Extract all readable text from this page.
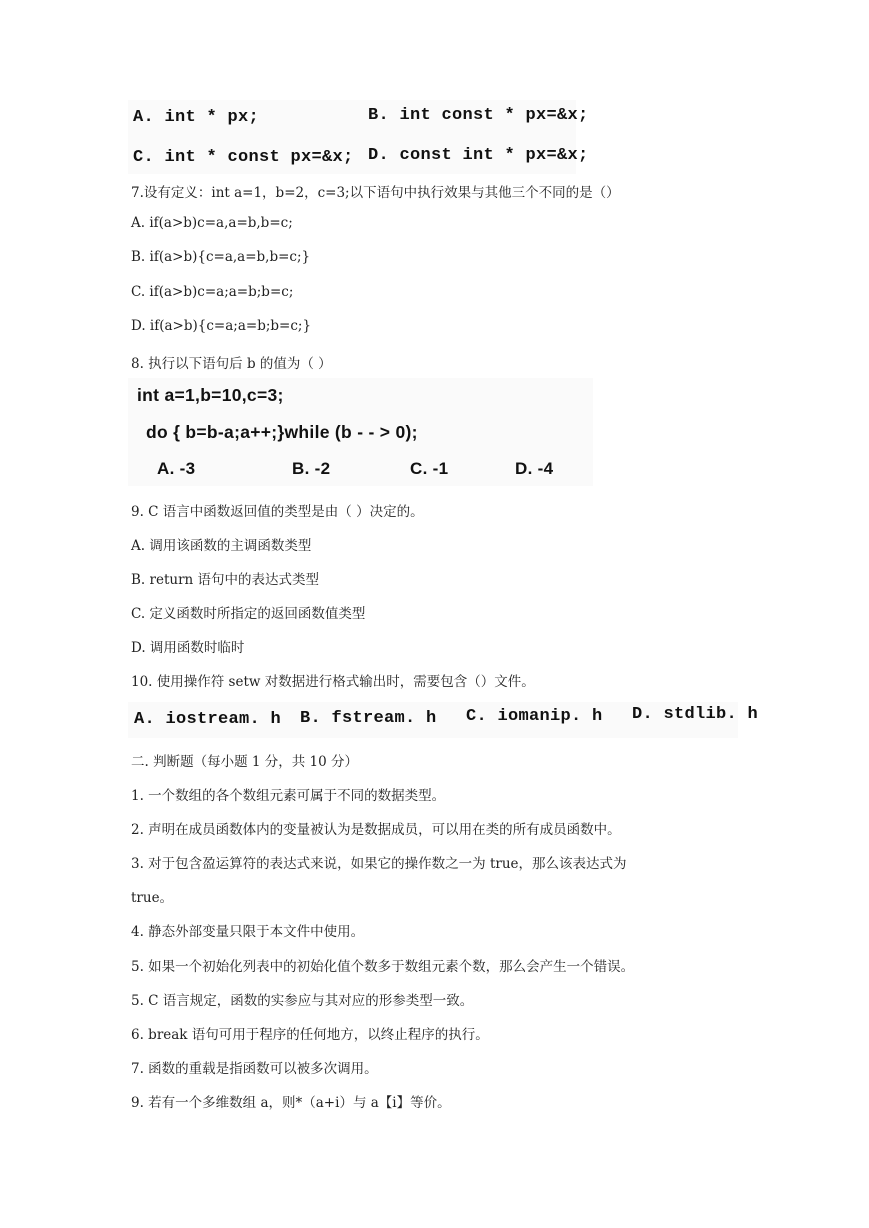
A. int * px;	B. int const * px=&x;
C. int * const px=&x; D. const int * px=&x;
7.设有定义：int a=1，b=2，c=3;以下语句中执行效果与其他三个不同的是（）
A. if(a>b)c=a,a=b,b=c;
B. if(a>b){c=a,a=b,b=c;}
C. if(a>b)c=a;a=b;b=c;
D. if(a>b){c=a;a=b;b=c;}
8. 执行以下语句后 b 的值为（ ）
int a=1,b=10,c=3;
do { b=b-a;a++;}while (b - - > 0);
A. -3	B. -2	C. -1	D. -4
9. C 语言中函数返回值的类型是由（ ）决定的。
A. 调用该函数的主调函数类型
B. return 语句中的表达式类型
C. 定义函数时所指定的返回函数值类型
D. 调用函数时临时
10. 使用操作符 setw 对数据进行格式输出时，需要包含（）文件。
A. iostream. h B. fstream. h C. iomanip. h D. stdlib. h
二. 判断题（每小题 1 分，共 10 分）
1. 一个数组的各个数组元素可属于不同的数据类型。
2. 声明在成员函数体内的变量被认为是数据成员，可以用在类的所有成员函数中。
3. 对于包含盈运算符的表达式来说，如果它的操作数之一为 true，那么该表达式为
true。
4. 静态外部变量只限于本文件中使用。
5. 如果一个初始化列表中的初始化值个数多于数组元素个数，那么会产生一个错误。
5. C 语言规定，函数的实参应与其对应的形参类型一致。
6. break 语句可用于程序的任何地方，以终止程序的执行。
7. 函数的重载是指函数可以被多次调用。
9. 若有一个多维数组 a，则*（a+i）与 a【i】等价。
